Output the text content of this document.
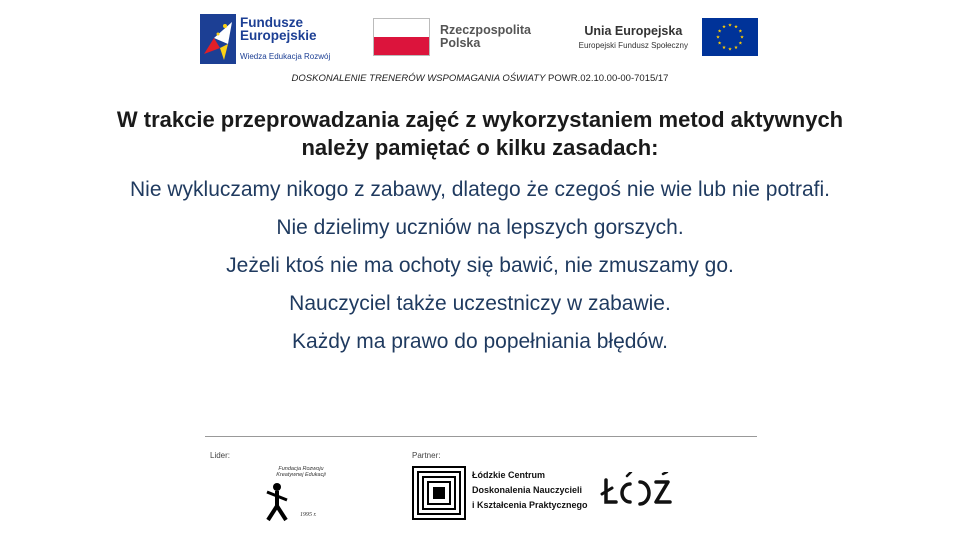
Fundusze
Europejskie
Wiedza Edukacja Rozwój
Rzeczpospolita
Polska
Unia Europejska
Europejski Fundusz Społeczny
DOSKONALENIE TRENERÓW WSPOMAGANIA OŚWIATY POWR.02.10.00-00-7015/17
W trakcie przeprowadzania zajęć z wykorzystaniem metod aktywnych
należy pamiętać o kilku zasadach:
Nie wykluczamy nikogo z zabawy, dlatego że czegoś nie wie lub nie potrafi.
Nie dzielimy uczniów na lepszych gorszych.
Jeżeli ktoś nie ma ochoty się bawić, nie zmuszamy go.
Nauczyciel także uczestniczy w zabawie.
Każdy ma prawo do popełniania błędów.
Lider:	Partner:
Fundacja Rozwoju Kreatywnej Edukacji
1995 r.
Łódzkie Centrum
Doskonalenia Nauczycieli
i Kształcenia Praktycznego
